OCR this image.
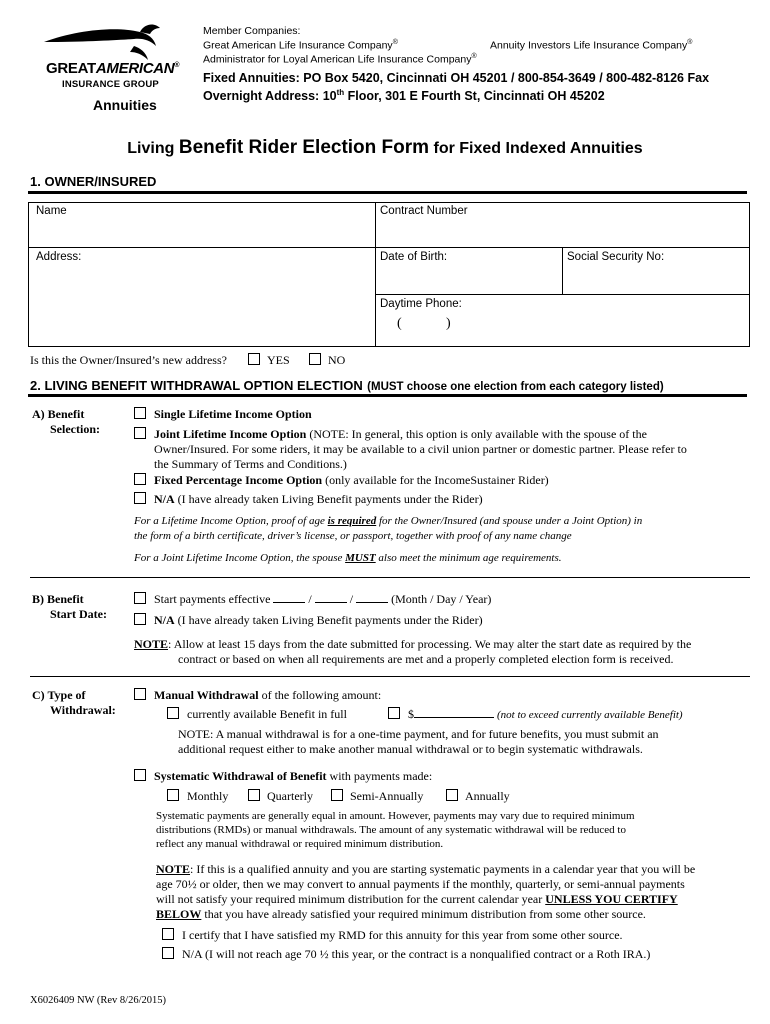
GREATAMERICAN®
INSURANCE GROUP
Annuities
Member Companies:
Great American Life Insurance Company®	Annuity Investors Life Insurance Company®
Administrator for Loyal American Life Insurance Company®
Fixed Annuities: PO Box 5420, Cincinnati OH 45201 / 800-854-3649 / 800-482-8126 Fax
Overnight Address: 10th Floor, 301 E Fourth St, Cincinnati OH 45202
Living Benefit Rider Election Form for Fixed Indexed Annuities
1. OWNER/INSURED
Name	Contract Number
Address:	Date of Birth:	Social Security No:
Daytime Phone:
(	)
Is this the Owner/Insured’s new address?	YES	NO
2. LIVING BENEFIT WITHDRAWAL OPTION ELECTION (MUST choose one election from each category listed)
A) Benefit
Selection:
Single Lifetime Income Option
Joint Lifetime Income Option (NOTE: In general, this option is only available with the spouse of the
Owner/Insured. For some riders, it may be available to a civil union partner or domestic partner. Please refer to
the Summary of Terms and Conditions.)
Fixed Percentage Income Option (only available for the IncomeSustainer Rider)
N/A (I have already taken Living Benefit payments under the Rider)
For a Lifetime Income Option, proof of age is required for the Owner/Insured (and spouse under a Joint Option) in
the form of a birth certificate, driver’s license, or passport, together with proof of any name change
For a Joint Lifetime Income Option, the spouse MUST also meet the minimum age requirements.
B) Benefit
Start Date:
Start payments effective	/	/	(Month / Day / Year)
N/A (I have already taken Living Benefit payments under the Rider)
NOTE: Allow at least 15 days from the date submitted for processing. We may alter the start date as required by the
contract or based on when all requirements are met and a properly completed election form is received.
C) Type of
Withdrawal:
Manual Withdrawal of the following amount:
currently available Benefit in full	$	(not to exceed currently available Benefit)
NOTE: A manual withdrawal is for a one-time payment, and for future benefits, you must submit an
additional request either to make another manual withdrawal or to begin systematic withdrawals.
Systematic Withdrawal of Benefit with payments made:
Monthly	Quarterly	Semi-Annually	Annually
Systematic payments are generally equal in amount. However, payments may vary due to required minimum
distributions (RMDs) or manual withdrawals. The amount of any systematic withdrawal will be reduced to
reflect any manual withdrawal or required minimum distribution.
NOTE: If this is a qualified annuity and you are starting systematic payments in a calendar year that you will be
age 70½ or older, then we may convert to annual payments if the monthly, quarterly, or semi-annual payments
will not satisfy your required minimum distribution for the current calendar year UNLESS YOU CERTIFY
BELOW that you have already satisfied your required minimum distribution from some other source.
I certify that I have satisfied my RMD for this annuity for this year from some other source.
N/A (I will not reach age 70 ½ this year, or the contract is a nonqualified contract or a Roth IRA.)
X6026409 NW (Rev 8/26/2015)
